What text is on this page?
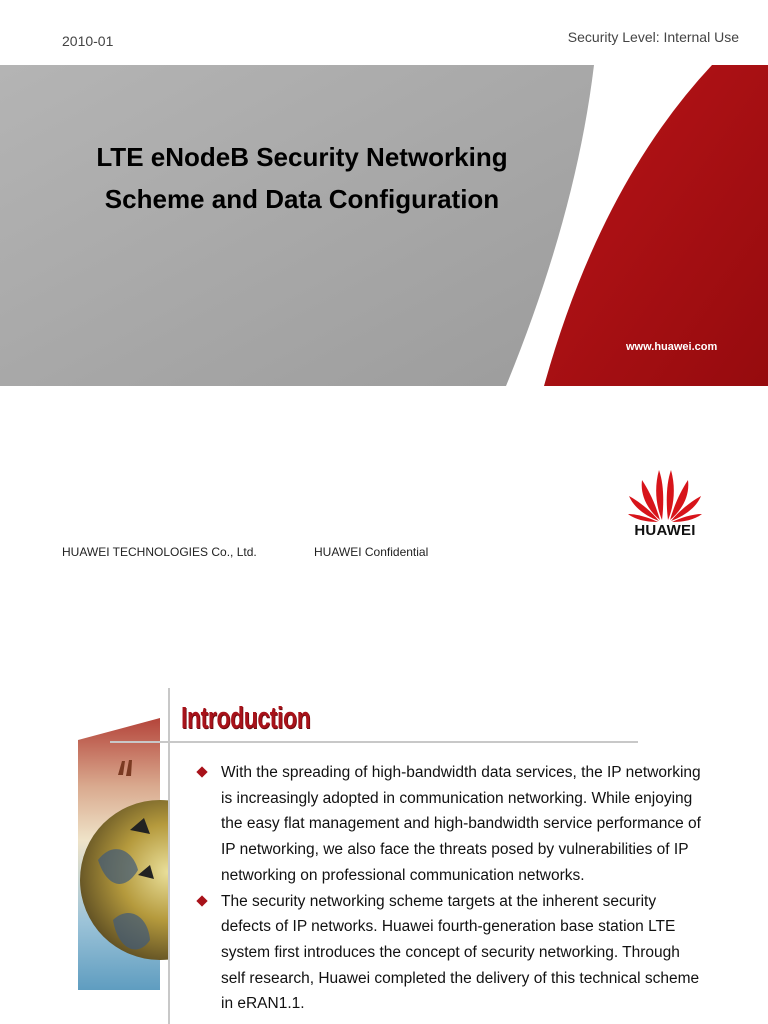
2010-01	Security Level: Internal Use
LTE eNodeB Security Networking Scheme and Data Configuration
www.huawei.com
HUAWEI
HUAWEI TECHNOLOGIES Co., Ltd.	HUAWEI Confidential
Introduction
With the spreading of high-bandwidth data services, the IP networking is increasingly adopted in communication networking. While enjoying the easy flat management and high-bandwidth service performance of IP networking, we also face the threats posed by vulnerabilities of IP networking on professional communication networks.
The security networking scheme targets at the inherent security defects of IP networks. Huawei fourth-generation base station LTE system first introduces the concept of security networking. Through self research, Huawei completed the delivery of this technical scheme in eRAN1.1.
